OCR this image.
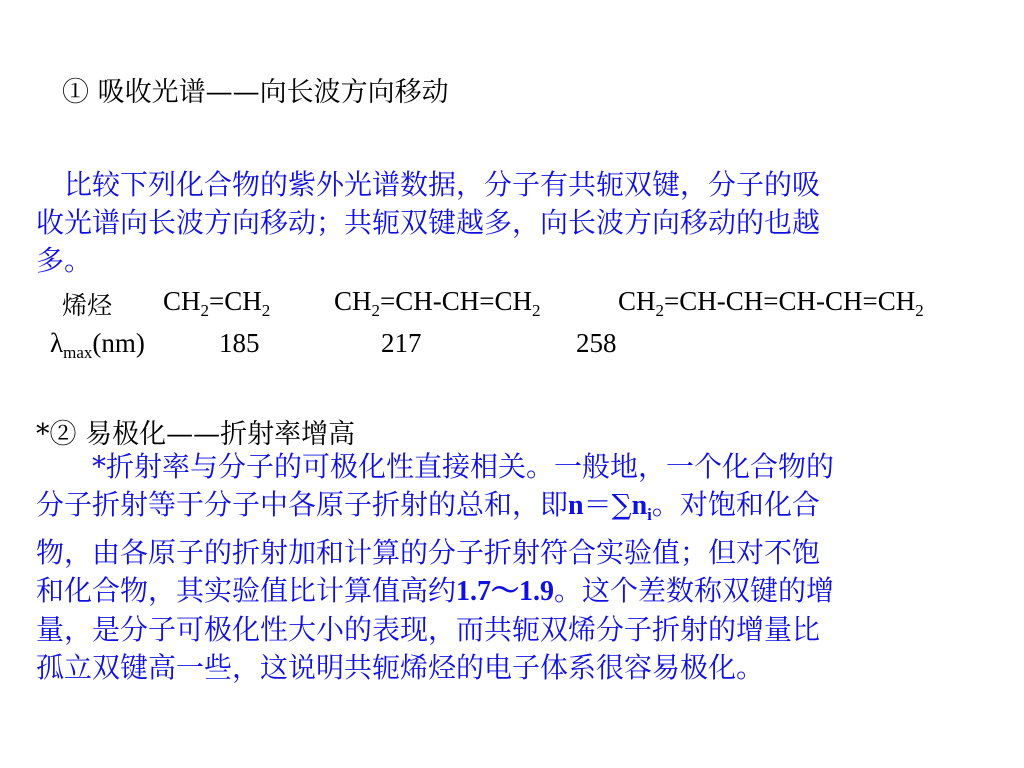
① 吸收光谱——向长波方向移动
　比较下列化合物的紫外光谱数据，分子有共轭双键，分子的吸
收光谱向长波方向移动；共轭双键越多，向长波方向移动的也越
多。
烯烃 $CH_2=CH_2$ $CH_2=CH-CH=CH_2$	$CH_2=CH-CH=CH-CH=CH_2$
$\lambda_{max}(nm)$	185	217	258
*② 易极化——折射率增高
　　*折射率与分子的可极化性直接相关。一般地，一个化合物的
分子折射等于分子中各原子折射的总和，即$n=\sum n_i$。对饱和化合
物，由各原子的折射加和计算的分子折射符合实验值；但对不饱
和化合物，其实验值比计算值高约1.7～1.9。这个差数称双键的增
量，是分子可极化性大小的表现，而共轭双烯分子折射的增量比
孤立双键高一些，这说明共轭烯烃的电子体系很容易极化。
